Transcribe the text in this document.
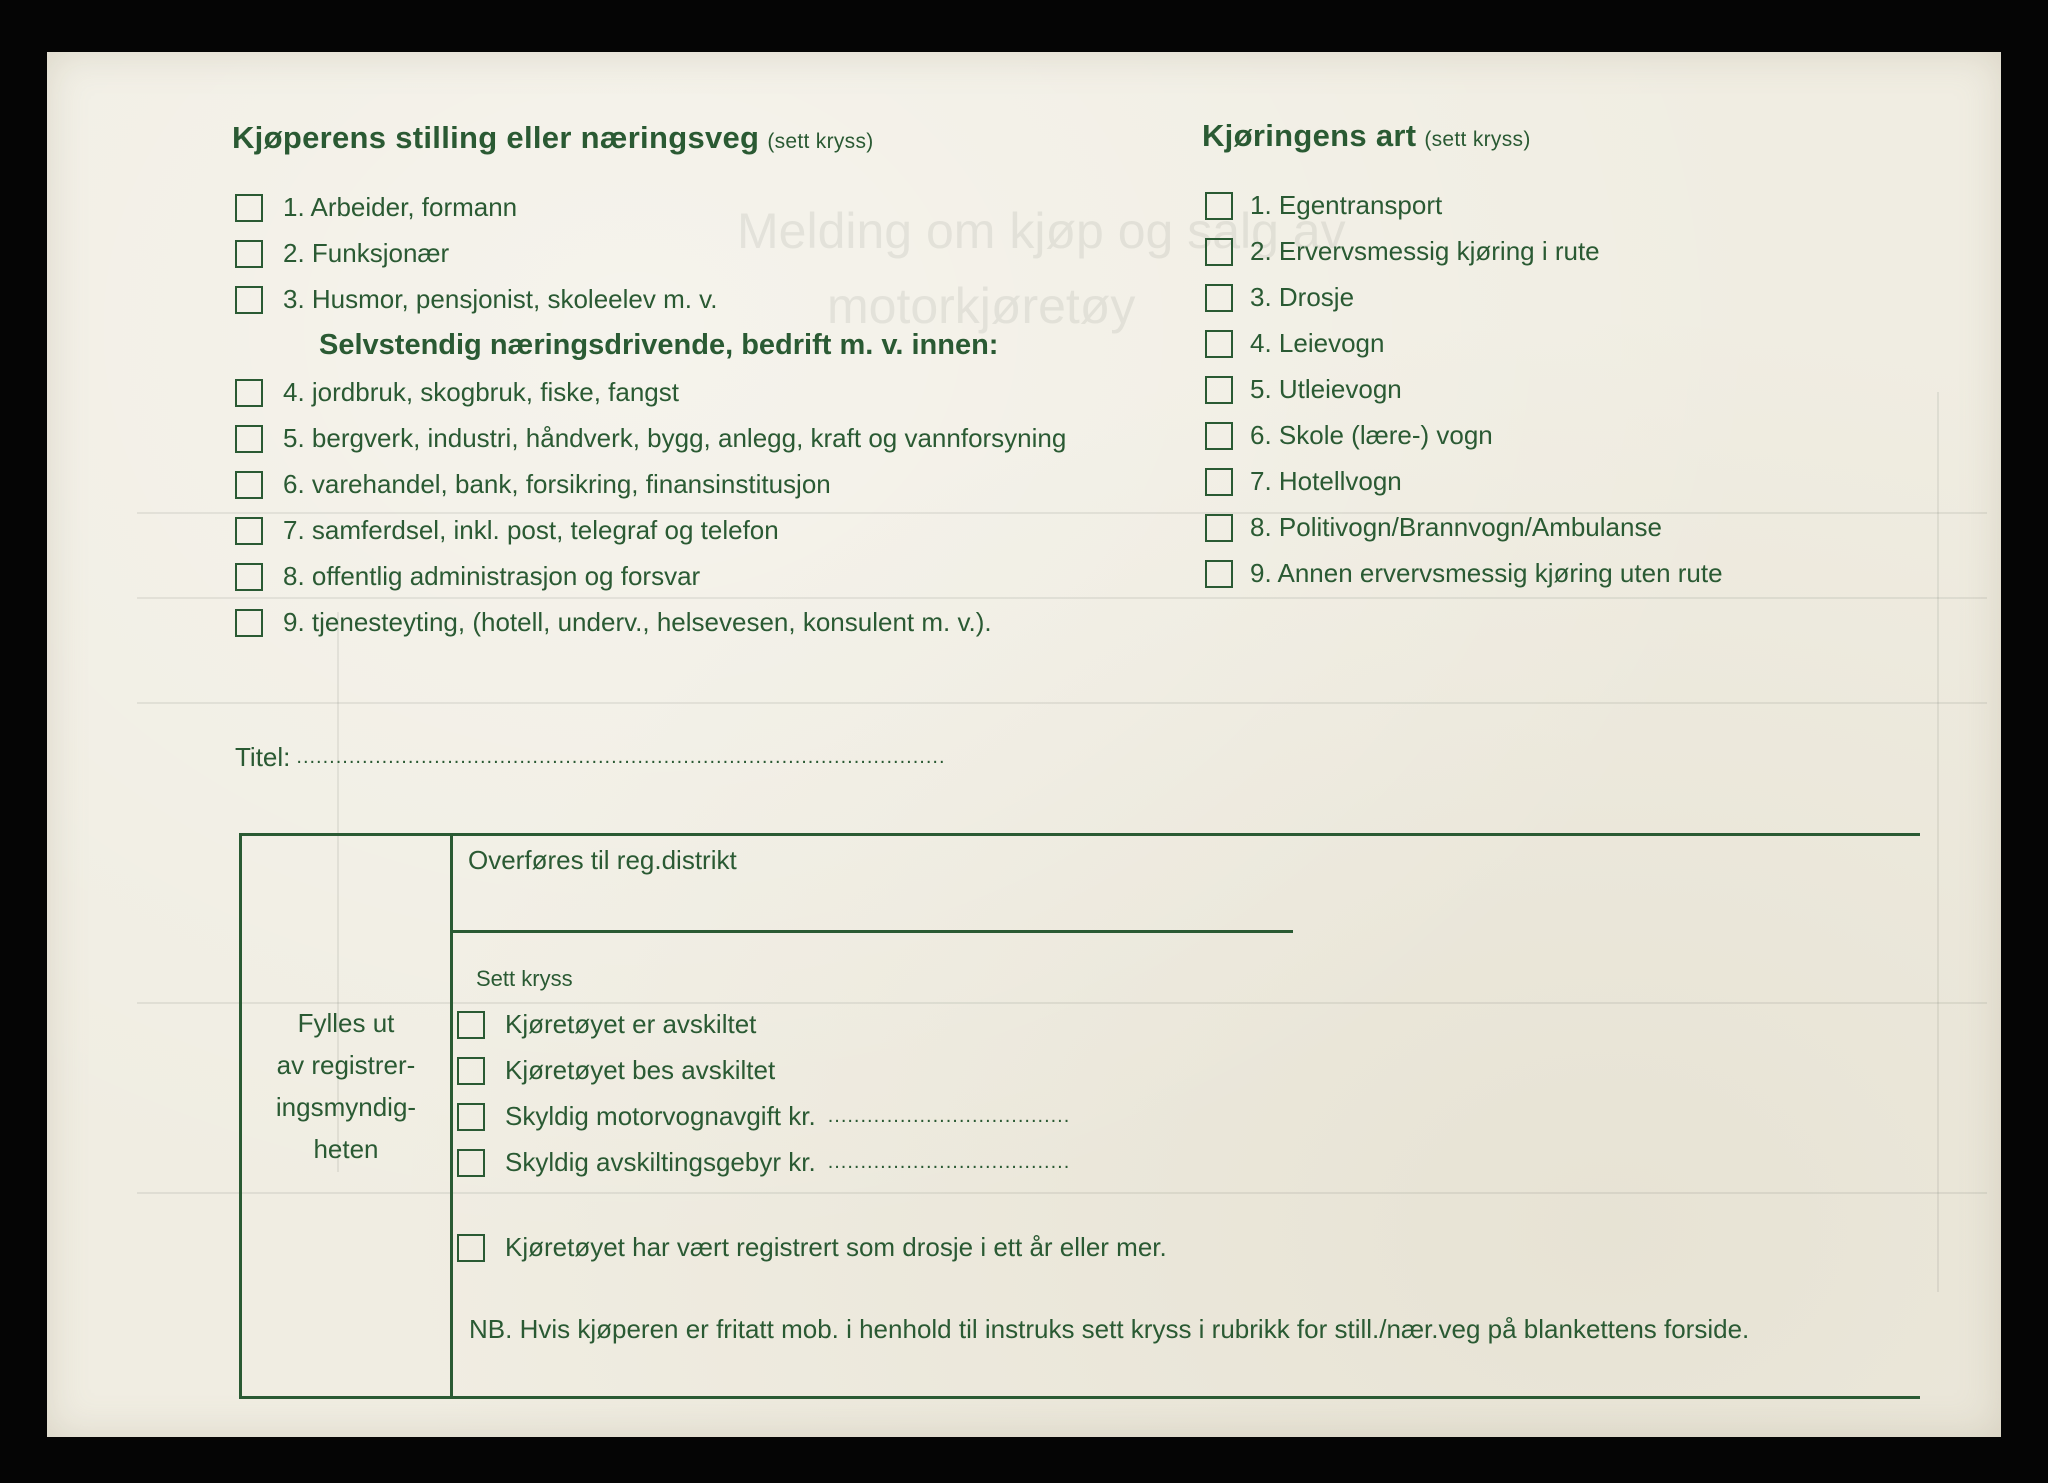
Melding om kjøp og salg av
motorkjøretøy
Kjøperens stilling eller næringsveg (sett kryss)
1. Arbeider, formann
2. Funksjonær
3. Husmor, pensjonist, skoleelev m. v.
Selvstendig næringsdrivende, bedrift m. v. innen:
4. jordbruk, skogbruk, fiske, fangst
5. bergverk, industri, håndverk, bygg, anlegg, kraft og vannforsyning
6. varehandel, bank, forsikring, finansinstitusjon
7. samferdsel, inkl. post, telegraf og telefon
8. offentlig administrasjon og forsvar
9. tjenesteyting, (hotell, underv., helsevesen, konsulent m. v.).
Kjøringens art (sett kryss)
1. Egentransport
2. Ervervsmessig kjøring i rute
3. Drosje
4. Leievogn
5. Utleievogn
6. Skole (lære-) vogn
7. Hotellvogn
8. Politivogn/Brannvogn/Ambulanse
9. Annen ervervsmessig kjøring uten rute
Titel: ...................................................................................................
Fylles ut
av registrer-
ingsmyndig-
heten
Overføres til reg.distrikt
Sett kryss
Kjøretøyet er avskiltet
Kjøretøyet bes avskiltet
Skyldig motorvognavgift kr. .....................................
Skyldig avskiltingsgebyr kr. .....................................
Kjøretøyet har vært registrert som drosje i ett år eller mer.
NB. Hvis kjøperen er fritatt mob. i henhold til instruks sett kryss i rubrikk for still./nær.veg på blankettens forside.
